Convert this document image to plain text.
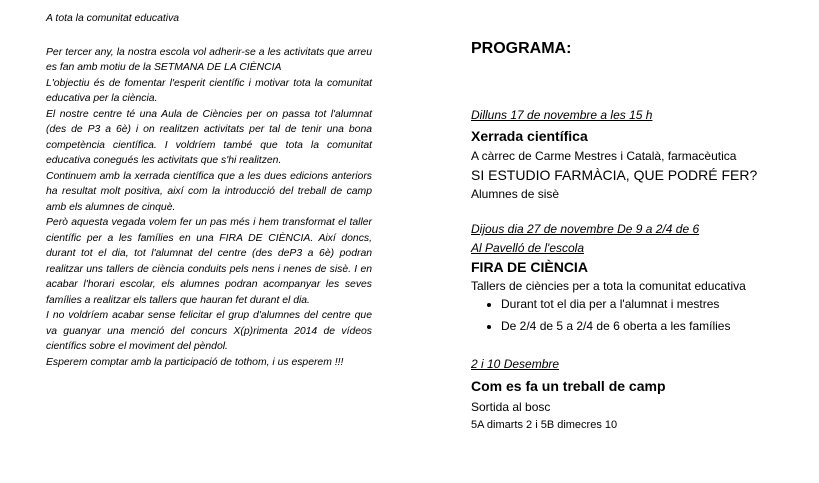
A tota la comunitat educativa

Per tercer any, la nostra escola vol adherir-se a les activitats que arreu es fan amb motiu de la SETMANA DE LA CIÈNCIA

L'objectiu és de fomentar l'esperit científic i motivar tota la comunitat educativa per la ciència.

El nostre centre té una Aula de Ciències per on passa tot l'alumnat (des de P3 a 6è) i on realitzen activitats per tal de tenir una bona competència científica. I voldríem també que tota la comunitat educativa conegués les activitats que s'hi realitzen.

Continuem amb la xerrada científica que a les dues edicions anteriors ha resultat molt positiva, així com la introducció del treball de camp amb els alumnes de cinquè.

Però aquesta vegada volem fer un pas més i hem transformat el taller científic per a les famílies en una FIRA DE CIÈNCIA. Així doncs, durant tot el dia, tot l'alumnat del centre (des deP3 a 6è) podran realitzar uns tallers de ciència conduits pels nens i nenes de sisè. I en acabar l'horari escolar, els alumnes podran acompanyar les seves famílies a realitzar els tallers que hauran fet durant el dia.

I no voldríem acabar sense felicitar el grup d'alumnes del centre que va guanyar una menció del concurs X(p)rimenta 2014 de vídeos científics sobre el moviment del pèndol.

Esperem comptar amb la participació de tothom, i us esperem !!!

PROGRAMA:

Dilluns 17 de novembre a les 15 h

Xerrada científica

A càrrec de Carme Mestres i Català, farmacèutica

SI ESTUDIO FARMÀCIA, QUE PODRÉ FER?

Alumnes de sisè

Dijous dia 27 de novembre De 9 a 2/4 de 6

Al Pavelló de l'escola

FIRA DE CIÈNCIA

Tallers de ciències per a tota la comunitat educativa

• Durant tot el dia per a l'alumnat i mestres
• De 2/4 de 5 a 2/4 de 6 oberta a les famílies

2 i 10 Desembre

Com es fa un treball de camp

Sortida al bosc

5A dimarts 2 i 5B dimecres 10
